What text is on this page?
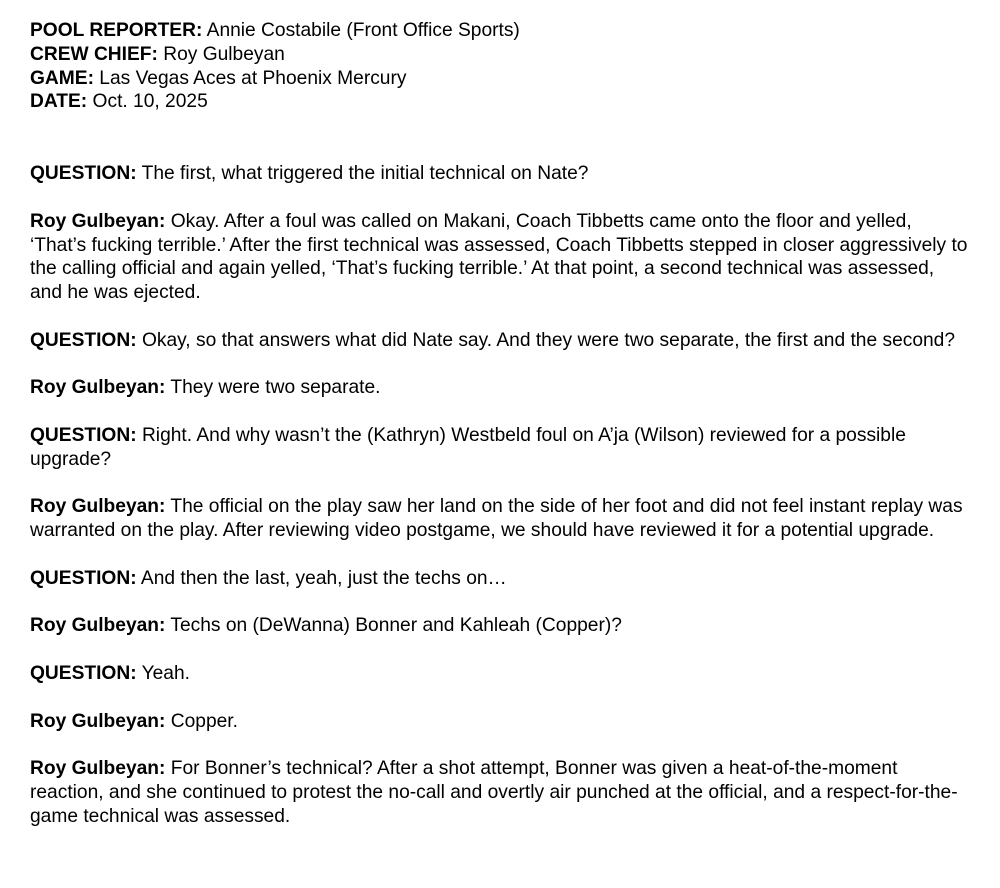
POOL REPORTER: Annie Costabile (Front Office Sports)

CREW CHIEF: Roy Gulbeyan

GAME: Las Vegas Aces at Phoenix Mercury

DATE: Oct. 10, 2025

QUESTION: The first, what triggered the initial technical on Nate?

Roy Gulbeyan: Okay. After a foul was called on Makani, Coach Tibbetts came onto the floor and yelled, ‘That’s fucking terrible.’ After the first technical was assessed, Coach Tibbetts stepped in closer aggressively to the calling official and again yelled, ‘That’s fucking terrible.’ At that point, a second technical was assessed, and he was ejected.

QUESTION: Okay, so that answers what did Nate say. And they were two separate, the first and the second?

Roy Gulbeyan: They were two separate.

QUESTION: Right. And why wasn’t the (Kathryn) Westbeld foul on A’ja (Wilson) reviewed for a possible upgrade?

Roy Gulbeyan: The official on the play saw her land on the side of her foot and did not feel instant replay was warranted on the play. After reviewing video postgame, we should have reviewed it for a potential upgrade.

QUESTION: And then the last, yeah, just the techs on…

Roy Gulbeyan: Techs on (DeWanna) Bonner and Kahleah (Copper)?

QUESTION: Yeah.

Roy Gulbeyan: Copper.

Roy Gulbeyan: For Bonner’s technical? After a shot attempt, Bonner was given a heat-of-the-moment reaction, and she continued to protest the no-call and overtly air punched at the official, and a respect-for-the-game technical was assessed.
